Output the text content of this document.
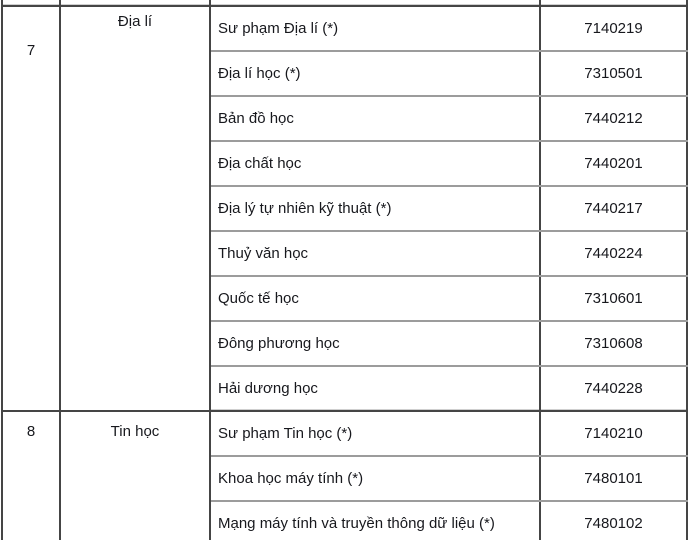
7	Địa lí	Sư phạm Địa lí (*)	7140219
		Địa lí học (*)	7310501
		Bản đồ học	7440212
		Địa chất học	7440201
		Địa lý tự nhiên kỹ thuật (*)	7440217
		Thuỷ văn học	7440224
		Quốc tế học	7310601
		Đông phương học	7310608
		Hải dương học	7440228
8	Tin học	Sư phạm Tin học (*)	7140210
		Khoa học máy tính (*)	7480101
		Mạng máy tính và truyền thông dữ liệu (*)	7480102
